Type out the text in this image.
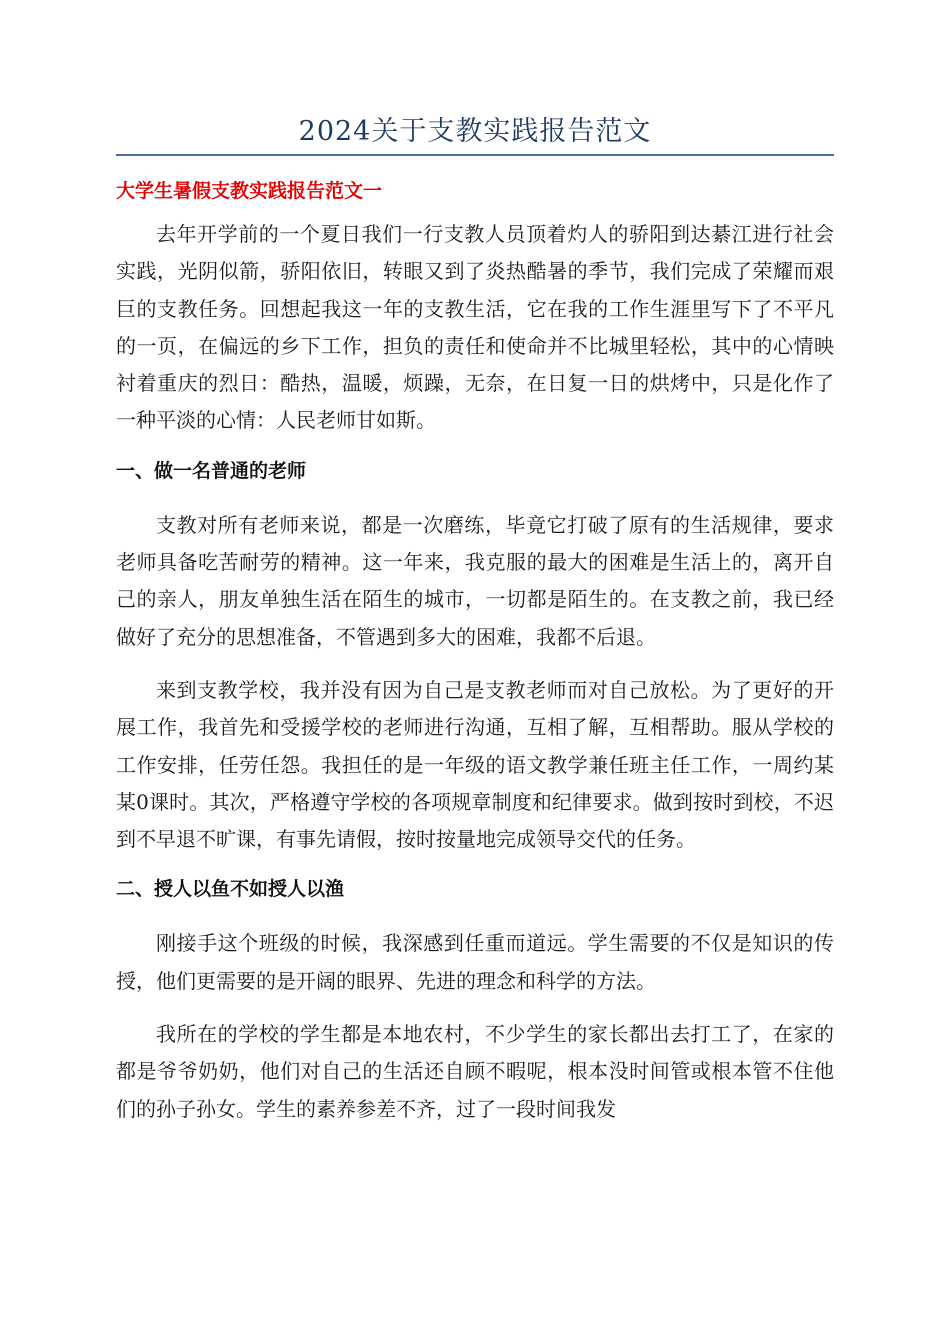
2024关于支教实践报告范文
大学生暑假支教实践报告范文一

去年开学前的一个夏日我们一行支教人员顶着灼人的骄阳到达綦江进行社会实践，光阴似箭，骄阳依旧，转眼又到了炎热酷暑的季节，我们完成了荣耀而艰巨的支教任务。回想起我这一年的支教生活，它在我的工作生涯里写下了不平凡的一页，在偏远的乡下工作，担负的责任和使命并不比城里轻松，其中的心情映衬着重庆的烈日：酷热，温暖，烦躁，无奈，在日复一日的烘烤中，只是化作了一种平淡的心情：人民老师甘如斯。

一、做一名普通的老师

支教对所有老师来说，都是一次磨练，毕竟它打破了原有的生活规律，要求老师具备吃苦耐劳的精神。这一年来，我克服的最大的困难是生活上的，离开自己的亲人，朋友单独生活在陌生的城市，一切都是陌生的。在支教之前，我已经做好了充分的思想准备，不管遇到多大的困难，我都不后退。

来到支教学校，我并没有因为自己是支教老师而对自己放松。为了更好的开展工作，我首先和受援学校的老师进行沟通，互相了解，互相帮助。服从学校的工作安排，任劳任怨。我担任的是一年级的语文教学兼任班主任工作，一周约某某0课时。其次，严格遵守学校的各项规章制度和纪律要求。做到按时到校，不迟到不早退不旷课，有事先请假，按时按量地完成领导交代的任务。

二、授人以鱼不如授人以渔

刚接手这个班级的时候，我深感到任重而道远。学生需要的不仅是知识的传授，他们更需要的是开阔的眼界、先进的理念和科学的方法。

我所在的学校的学生都是本地农村，不少学生的家长都出去打工了，在家的都是爷爷奶奶，他们对自己的生活还自顾不暇呢，根本没时间管或根本管不住他们的孙子孙女。学生的素养参差不齐，过了一段时间我发
